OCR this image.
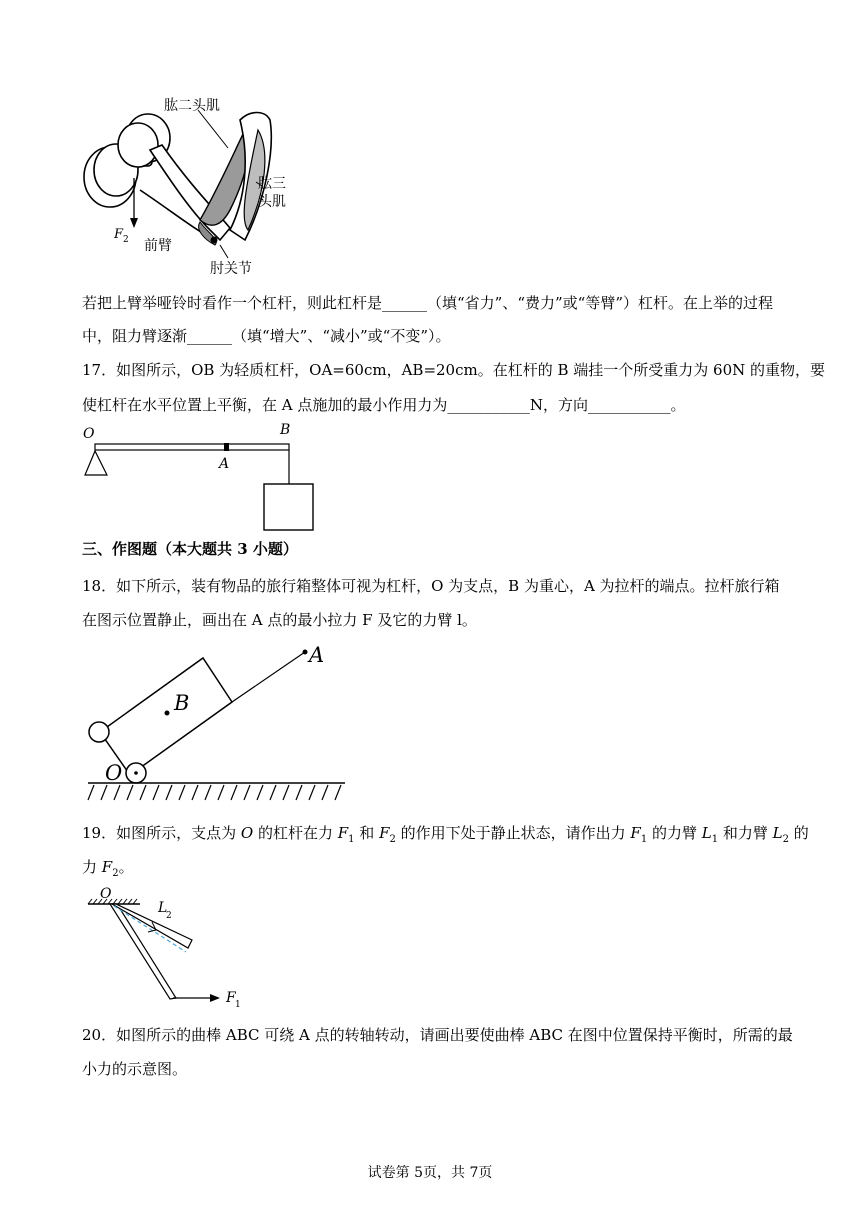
肱二头肌
肱三
头肌
F 2 前臂
肘关节
若把上臂举哑铃时看作一个杠杆，则此杠杆是______（填“省力”、“费力”或“等臂”）杠杆。在上举的过程
中，阻力臂逐渐______（填“增大”、“减小”或“不变”）。
17．如图所示，OB 为轻质杠杆，OA=60cm，AB=20cm。在杠杆的 B 端挂一个所受重力为 60N 的重物，要
使杠杆在水平位置上平衡，在 A 点施加的最小作用力为___________N，方向___________。
O
A
B
三、作图题（本大题共 3 小题）
18．如下所示，装有物品的旅行箱整体可视为杠杆，O 为支点，B 为重心，A 为拉杆的端点。拉杆旅行箱
在图示位置静止，画出在 A 点的最小拉力 F 及它的力臂 l。
A
B
O
19．如图所示，支点为 O 的杠杆在力 $F_1$ 和 $F_2$ 的作用下处于静止状态，请作出力 $F_1$ 的力臂 $L_1$ 和力臂 $L_2$ 的
力 $F_2$。
O
L
2
F 1
20．如图所示的曲棒 ABC 可绕 A 点的转轴转动，请画出要使曲棒 ABC 在图中位置保持平衡时，所需的最
小力的示意图。
试卷第 5页，共 7页
